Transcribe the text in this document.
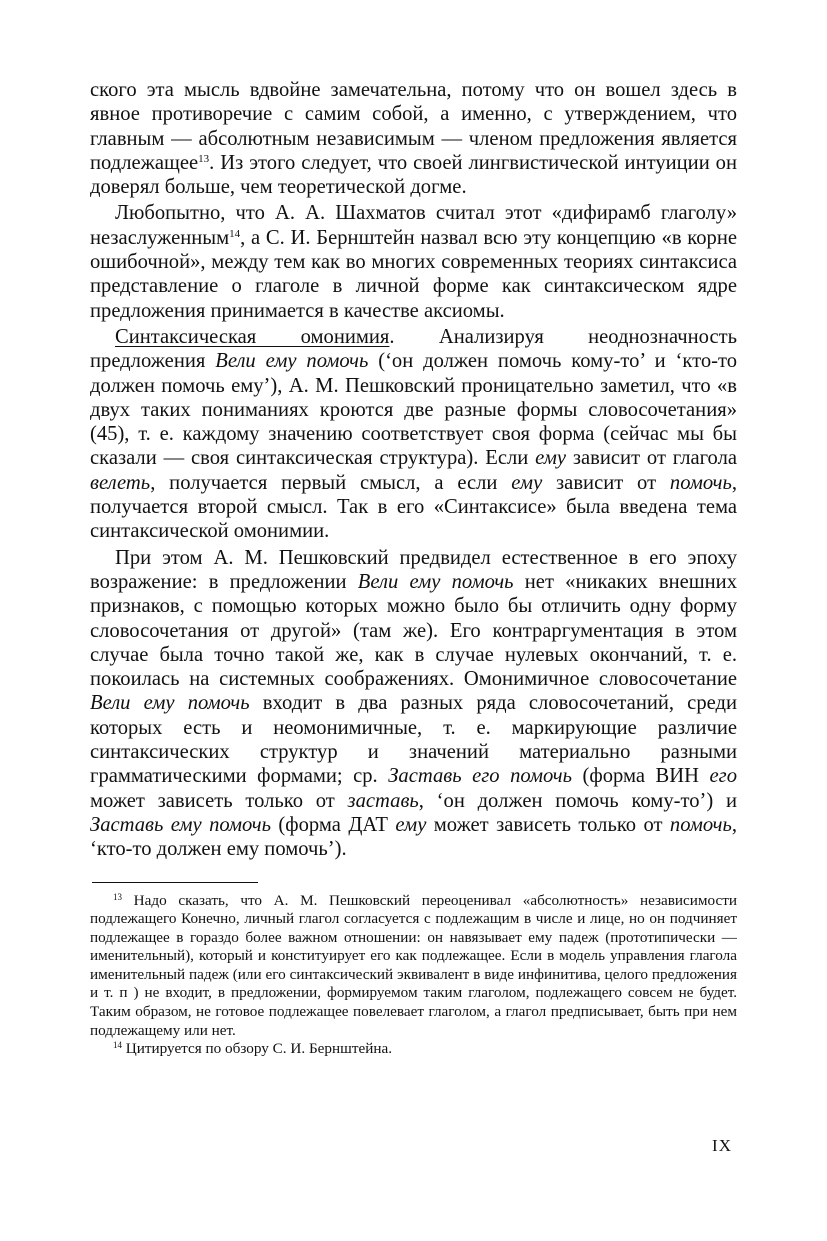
ского эта мысль вдвойне замечательна, потому что он вошел здесь в явное противоречие с самим собой, а именно, с утверждением, что главным — абсолютным независимым — членом предложения является подлежащее$^{13}$. Из этого следует, что своей лингвистической интуиции он доверял больше, чем теоретической догме.

Любопытно, что А. А. Шахматов считал этот «дифирамб глаголу» незаслуженным$^{14}$, а С. И. Бернштейн назвал всю эту концепцию «в корне ошибочной», между тем как во многих современных теориях синтаксиса представление о глаголе в личной форме как синтаксическом ядре предложения принимается в качестве аксиомы.

Синтаксическая омонимия. Анализируя неоднозначность предложения Вели ему помочь (‘он должен помочь кому-то’ и ‘кто-то должен помочь ему’), А. М. Пешковский проницательно заметил, что «в двух таких пониманиях кроются две разные формы словосочетания» (45), т. е. каждому значению соответствует своя форма (сейчас мы бы сказали — своя синтаксическая структура). Если ему зависит от глагола велеть, получается первый смысл, а если ему зависит от помочь, получается второй смысл. Так в его «Синтаксисе» была введена тема синтаксической омонимии.

При этом А. М. Пешковский предвидел естественное в его эпоху возражение: в предложении Вели ему помочь нет «никаких внешних признаков, с помощью которых можно было бы отличить одну форму словосочетания от другой» (там же). Его контраргументация в этом случае была точно такой же, как в случае нулевых окончаний, т. е. покоилась на системных соображениях. Омонимичное словосочетание Вели ему помочь входит в два разных ряда словосочетаний, среди которых есть и неомонимичные, т. е. маркирующие различие синтаксических структур и значений материально разными грамматическими формами; ср. Заставь его помочь (форма ВИН его может зависеть только от заставь, ‘он должен помочь кому-то’) и Заставь ему помочь (форма ДАТ ему может зависеть только от помочь, ‘кто-то должен ему помочь’).

$^{13}$ Надо сказать, что А. М. Пешковский переоценивал «абсолютность» независимости подлежащего Конечно, личный глагол согласуется с подлежащим в числе и лице, но он подчиняет подлежащее в гораздо более важном отношении: он навязывает ему падеж (прототипически — именительный), который и конституирует его как подлежащее. Если в модель управления глагола именительный падеж (или его синтаксический эквивалент в виде инфинитива, целого предложения и т. п ) не входит, в предложении, формируемом таким глаголом, подлежащего совсем не будет. Таким образом, не готовое подлежащее повелевает глаголом, а глагол предписывает, быть при нем подлежащему или нет.

$^{14}$ Цитируется по обзору С. И. Бернштейна.

IX
